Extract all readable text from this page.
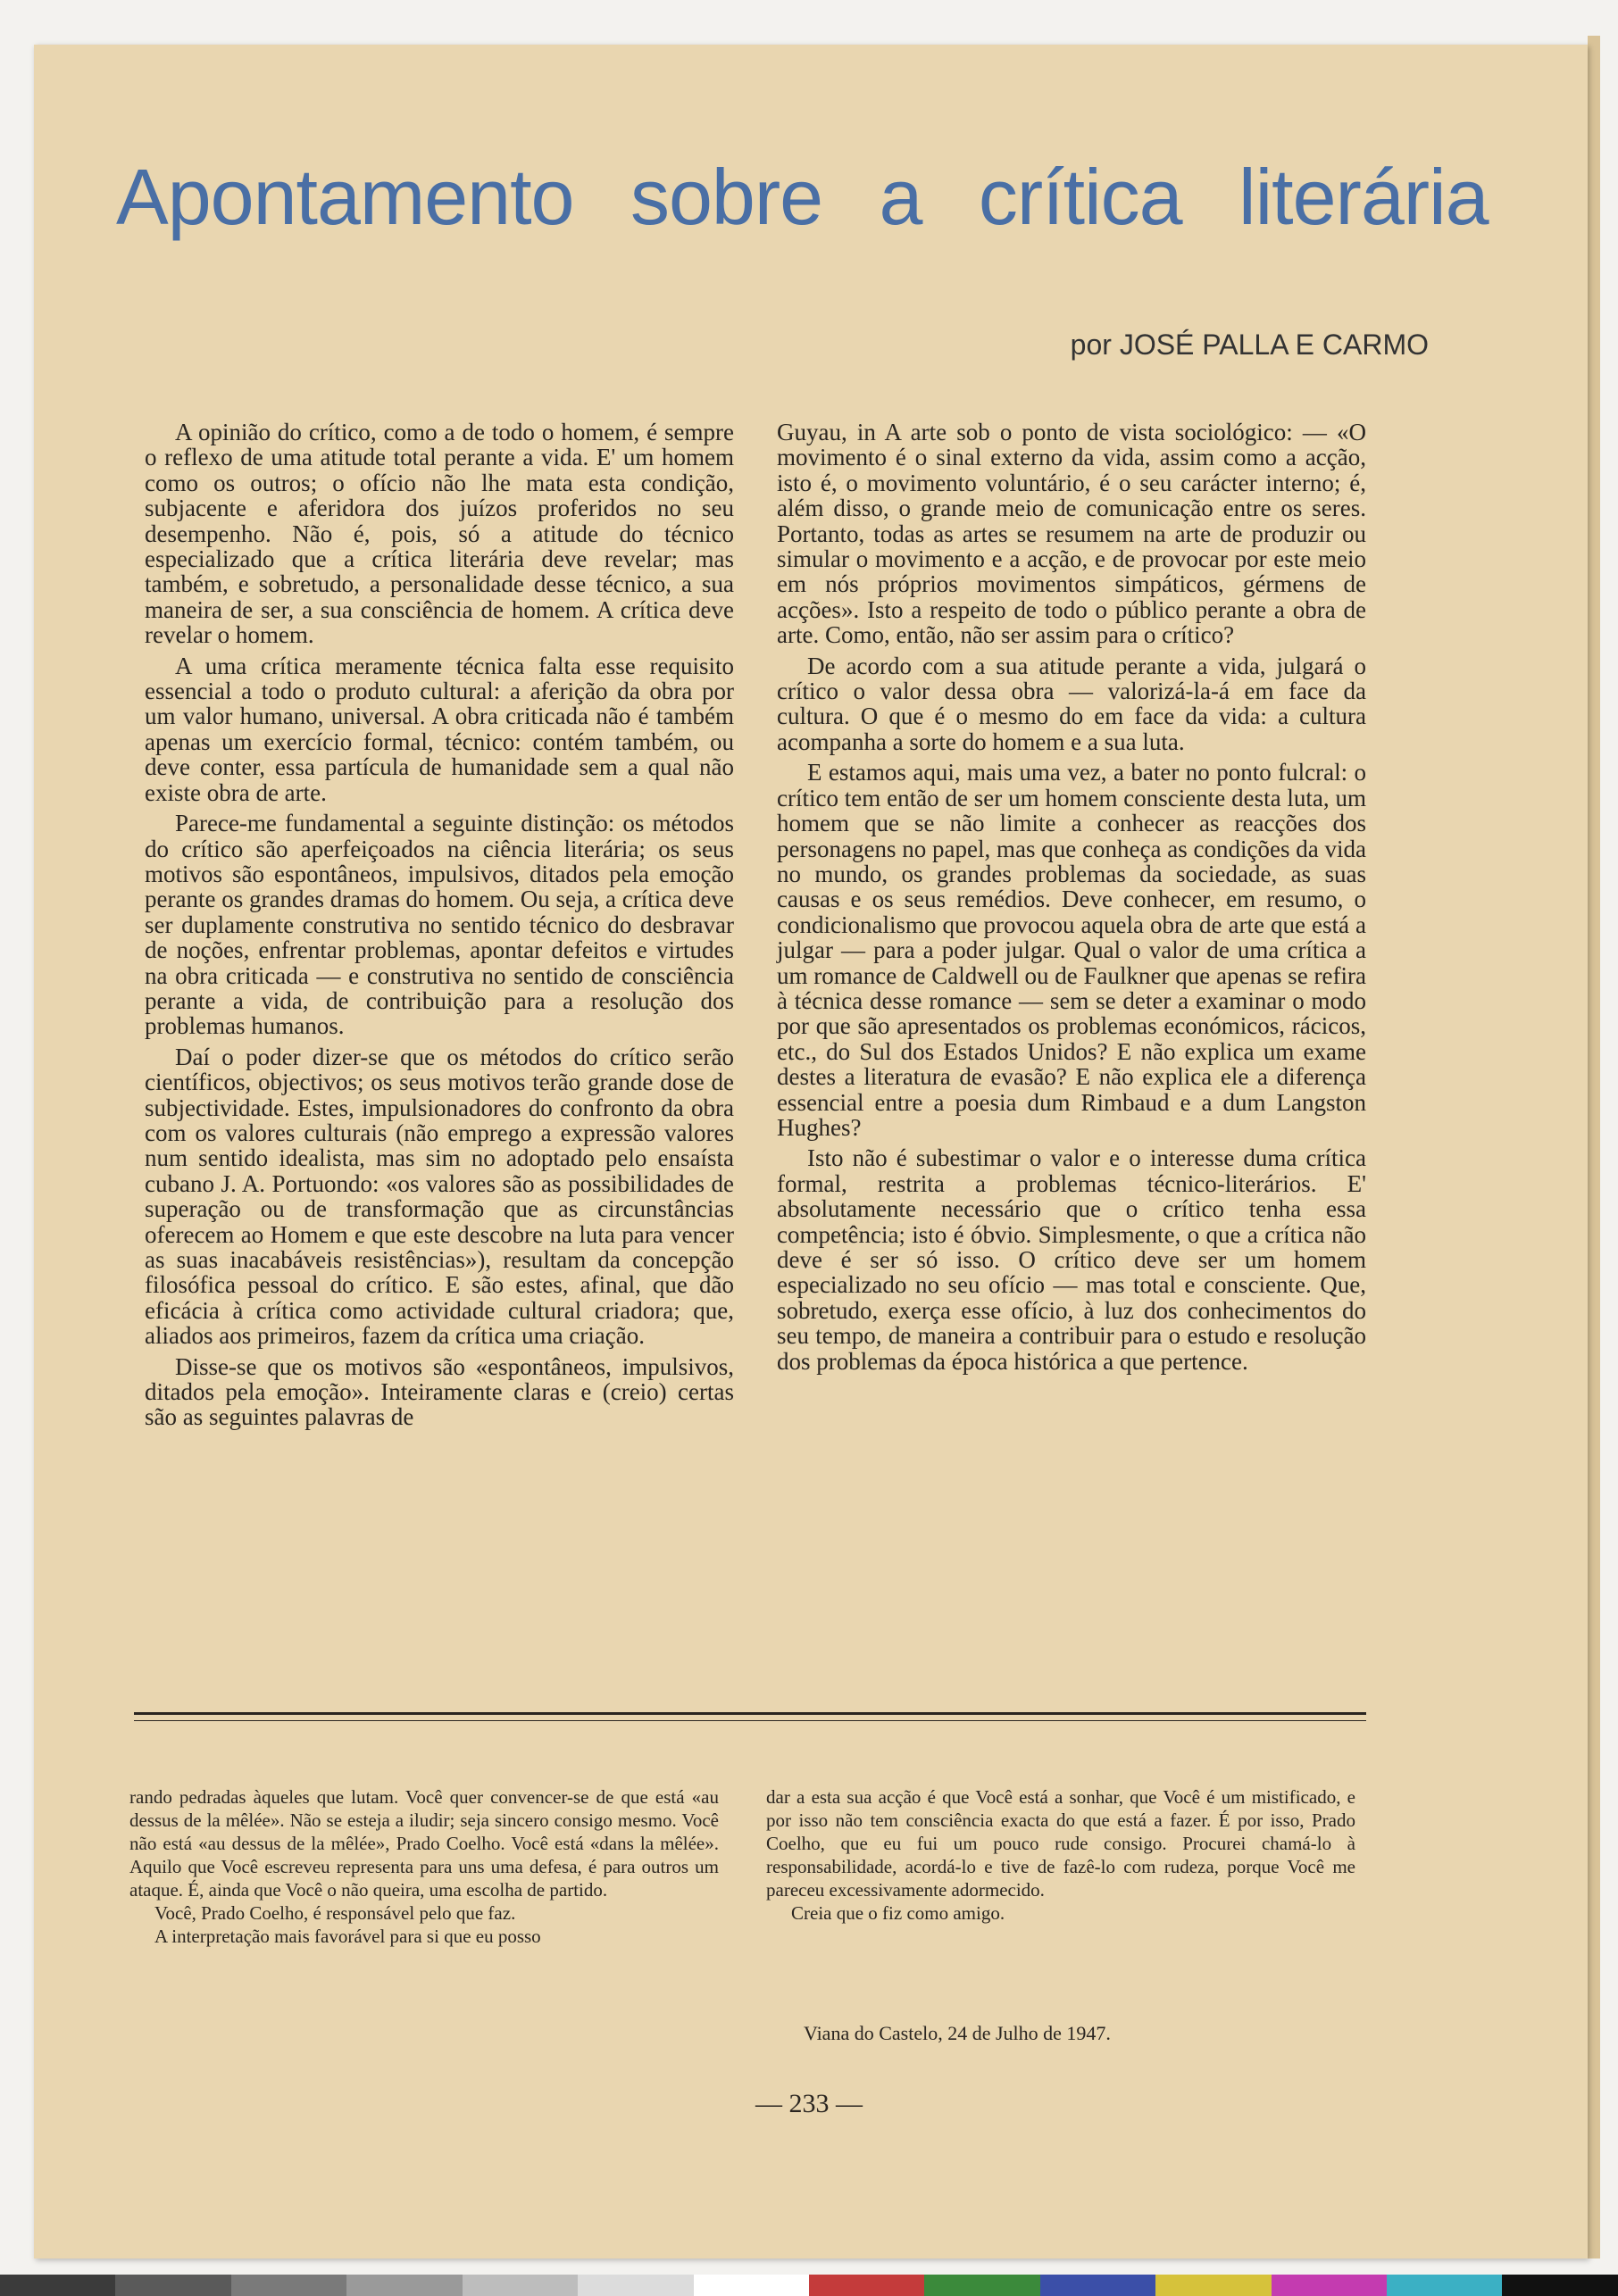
Apontamento sobre a crítica literária
por JOSÉ PALLA E CARMO

A opinião do crítico, como a de todo o homem, é sempre o reflexo de uma atitude total perante a vida. E' um homem como os outros; o ofício não lhe mata esta condição, subjacente e aferidora dos juízos proferidos no seu desempenho. Não é, pois, só a atitude do técnico especializado que a crítica literária deve revelar; mas também, e sobretudo, a personalidade desse técnico, a sua maneira de ser, a sua consciência de homem. A crítica deve revelar o homem.

A uma crítica meramente técnica falta esse requisito essencial a todo o produto cultural: a aferição da obra por um valor humano, universal. A obra criticada não é também apenas um exercício formal, técnico: contém também, ou deve conter, essa partícula de humanidade sem a qual não existe obra de arte.

Parece-me fundamental a seguinte distinção: os métodos do crítico são aperfeiçoados na ciência literária; os seus motivos são espontâneos, impulsivos, ditados pela emoção perante os grandes dramas do homem. Ou seja, a crítica deve ser duplamente construtiva no sentido técnico do desbravar de noções, enfrentar problemas, apontar defeitos e virtudes na obra criticada — e construtiva no sentido de consciência perante a vida, de contribuição para a resolução dos problemas humanos.

Daí o poder dizer-se que os métodos do crítico serão científicos, objectivos; os seus motivos terão grande dose de subjectividade. Estes, impulsionadores do confronto da obra com os valores culturais (não emprego a expressão valores num sentido idealista, mas sim no adoptado pelo ensaísta cubano J. A. Portuondo: «os valores são as possibilidades de superação ou de transformação que as circunstâncias oferecem ao Homem e que este descobre na luta para vencer as suas inacabáveis resistências»), resultam da concepção filosófica pessoal do crítico. E são estes, afinal, que dão eficácia à crítica como actividade cultural criadora; que, aliados aos primeiros, fazem da crítica uma criação.

Disse-se que os motivos são «espontâneos, impulsivos, ditados pela emoção». Inteiramente claras e (creio) certas são as seguintes palavras de

Guyau, in A arte sob o ponto de vista sociológico: — «O movimento é o sinal externo da vida, assim como a acção, isto é, o movimento voluntário, é o seu carácter interno; é, além disso, o grande meio de comunicação entre os seres. Portanto, todas as artes se resumem na arte de produzir ou simular o movimento e a acção, e de provocar por este meio em nós próprios movimentos simpáticos, gérmens de acções». Isto a respeito de todo o público perante a obra de arte. Como, então, não ser assim para o crítico?

De acordo com a sua atitude perante a vida, julgará o crítico o valor dessa obra — valorizá-la-á em face da cultura. O que é o mesmo do em face da vida: a cultura acompanha a sorte do homem e a sua luta.

E estamos aqui, mais uma vez, a bater no ponto fulcral: o crítico tem então de ser um homem consciente desta luta, um homem que se não limite a conhecer as reacções dos personagens no papel, mas que conheça as condições da vida no mundo, os grandes problemas da sociedade, as suas causas e os seus remédios. Deve conhecer, em resumo, o condicionalismo que provocou aquela obra de arte que está a julgar — para a poder julgar. Qual o valor de uma crítica a um romance de Caldwell ou de Faulkner que apenas se refira à técnica desse romance — sem se deter a examinar o modo por que são apresentados os problemas económicos, rácicos, etc., do Sul dos Estados Unidos? E não explica um exame destes a literatura de evasão? E não explica ele a diferença essencial entre a poesia dum Rimbaud e a dum Langston Hughes?

Isto não é subestimar o valor e o interesse duma crítica formal, restrita a problemas técnico-literários. E' absolutamente necessário que o crítico tenha essa competência; isto é óbvio. Simplesmente, o que a crítica não deve é ser só isso. O crítico deve ser um homem especializado no seu ofício — mas total e consciente. Que, sobretudo, exerça esse ofício, à luz dos conhecimentos do seu tempo, de maneira a contribuir para o estudo e resolução dos problemas da época histórica a que pertence.

rando pedradas àqueles que lutam. Você quer convencer-se de que está «au dessus de la mêlée». Não se esteja a iludir; seja sincero consigo mesmo. Você não está «au dessus de la mêlée», Prado Coelho. Você está «dans la mêlée». Aquilo que Você escreveu representa para uns uma defesa, é para outros um ataque. É, ainda que Você o não queira, uma escolha de partido.

Você, Prado Coelho, é responsável pelo que faz.

A interpretação mais favorável para si que eu posso

dar a esta sua acção é que Você está a sonhar, que Você é um mistificado, e por isso não tem consciência exacta do que está a fazer. É por isso, Prado Coelho, que eu fui um pouco rude consigo. Procurei chamá-lo à responsabilidade, acordá-lo e tive de fazê-lo com rudeza, porque Você me pareceu excessivamente adormecido.

Creia que o fiz como amigo.

Viana do Castelo, 24 de Julho de 1947.
— 233 —
